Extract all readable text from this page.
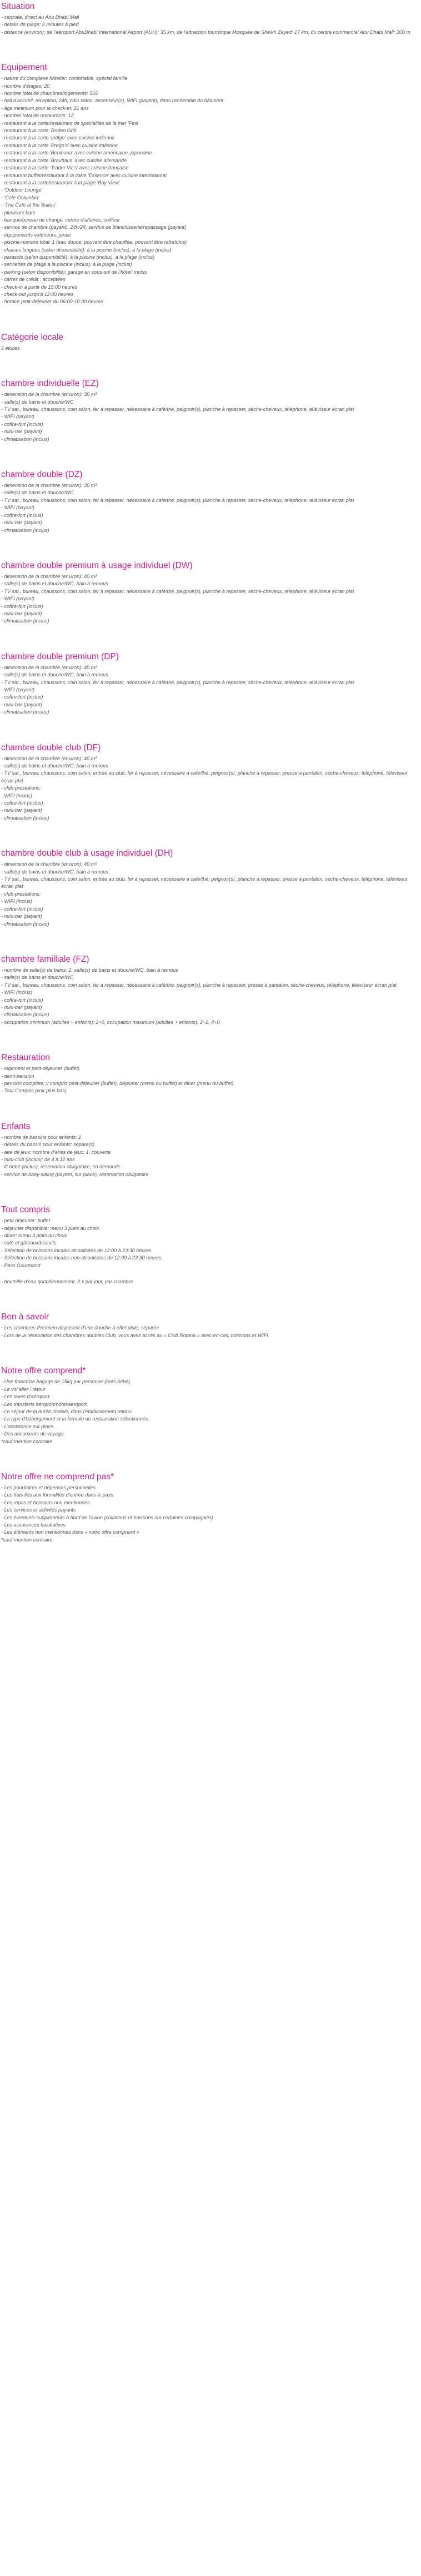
Situation
- centrale, direct au Abu Dhabi Mall
- details de plage: 2 minutes à pied
- distance (environ): de l'aéroport AbuDhabi International Airport (AUH): 35 km, de l'attraction touristique Mosquée de Sheikh Zayed: 17 km, du centre commercial Abu Dhabi Mall: 200 m
Equipement
- nature du complexe hôtelier: confortable, spécial famille
- nombre d'étages: 20
- nombre total de chambres/logements: 565
- hall d'accueil, réception, 24h, coin salon, ascenseur(s), WIFI (payant), dans l'ensemble du bâtiment
- âge minimum pour le check-in: 21 ans
- nombre total de restaurants: 12
- restaurant à la carte/restaurant de spécialités de la mer 'Fins'
- restaurant à la carte 'Rodeo Grill'
- restaurant à la carte 'Indigo' avec cuisine indienne
- restaurant à la carte 'Prego's' avec cuisine italienne
- restaurant à la carte 'Benihana' avec cuisine américaine, japonaise
- restaurant à la carte 'Brauhaus' avec cuisine allemande
- restaurant à la carte 'Trader Vic's' avec cuisine française
- restaurant buffet/restaurant à la carte 'Essence' avec cuisine international
- restaurant à la carte/restaurant à la plage 'Bay View'
- 'Outdoor Lounge'
- 'Café Columbia'
- 'The Café at the Suites'
- plusieurs bars
- banque/bureau de change, centre d'affaires, coiffeur
- service de chambre (payant), 24h/24, service de blanchisserie/repassage (payant)
- équipements extérieurs: jardin
- piscine-nombre total: 1 (eau douce, pouvant être chauffée, pouvant être rafraîchie)
- chaises longues (selon disponibilité): à la piscine (inclus), à la plage (inclus)
- parasols (selon disponibilité): à la piscine (inclus), à la plage (inclus)
- serviettes de plage à la piscine (inclus), à la plage (inclus)
- parking (selon disponibilité): garage en sous-sol de l'hôtel: inclus
- cartes de crédit : acceptées
- check-in à partir de 15:00 heures
- check-out jusqu'à 12:00 heures
- horaire petit-déjeuner du 06:00-10:30 heures
Catégorie locale
5 étoiles
chambre individuelle (EZ)
- dimension de la chambre (environ): 30 m²
- salle(s) de bains et douche/WC
- TV sat., bureau, chaussons, coin salon, fer à repasser, nécessaire à café/thé, peignoir(s), planche à repasser, sèche-cheveux, téléphone, téléviseur écran plat
- WIFI (payant)
- coffre-fort (inclus)
- mini-bar (payant)
- climatisation (inclus)
chambre double (DZ)
- dimension de la chambre (environ): 30 m²
- salle(s) de bains et douche/WC
- TV sat., bureau, chaussons, coin salon, fer à repasser, nécessaire à café/thé, peignoir(s), planche à repasser, sèche-cheveux, téléphone, téléviseur écran plat
- WIFI (payant)
- coffre-fort (inclus)
- mini-bar (payant)
- climatisation (inclus)
chambre double premium à usage individuel (DW)
- dimension de la chambre (environ): 40 m²
- salle(s) de bains et douche/WC, bain à remous
- TV sat., bureau, chaussons, coin salon, fer à repasser, nécessaire à café/thé, peignoir(s), planche à repasser, sèche-cheveux, téléphone, téléviseur écran plat
- WIFI (payant)
- coffre-fort (inclus)
- mini-bar (payant)
- climatisation (inclus)
chambre double premium (DP)
- dimension de la chambre (environ): 40 m²
- salle(s) de bains et douche/WC, bain à remous
- TV sat., bureau, chaussons, coin salon, fer à repasser, nécessaire à café/thé, peignoir(s), planche à repasser, sèche-cheveux, téléphone, téléviseur écran plat
- WIFI (payant)
- coffre-fort (inclus)
- mini-bar (payant)
- climatisation (inclus)
chambre double club (DF)
- dimension de la chambre (environ): 40 m²
- salle(s) de bains et douche/WC, bain à remous
- TV sat., bureau, chaussons, coin salon, entrée au club, fer à repasser, nécessaire à café/thé, peignoir(s), planche à repasser, presse à pantalon, sèche-cheveux, téléphone, téléviseur écran plat
- club-prestations:
- WIFI (inclus)
- coffre-fort (inclus)
- mini-bar (payant)
- climatisation (inclus)
chambre double club à usage individuel (DH)
- dimension de la chambre (environ): 40 m²
- salle(s) de bains et douche/WC, bain à remous
- TV sat., bureau, chaussons, coin salon, entrée au club, fer à repasser, nécessaire à café/thé, peignoir(s), planche à repasser, presse à pantalon, sèche-cheveux, téléphone, téléviseur écran plat
- club-prestations:
- WIFI (inclus)
- coffre-fort (inclus)
- mini-bar (payant)
- climatisation (inclus)
chambre familliale (FZ)
- nombre de salle(s) de bains: 2, salle(s) de bains et douche/WC, bain à remous
- salle(s) de bains et douche/WC
- TV sat., bureau, chaussons, coin salon, fer à repasser, nécessaire à café/thé, peignoir(s), planche à repasser, presse à pantalon, sèche-cheveux, téléphone, téléviseur écran plat
- WIFI (inclus)
- coffre-fort (inclus)
- mini-bar (payant)
- climatisation (inclus)
- occupation minimum (adultes + enfants): 2+0, occupation maximum (adultes + enfants): 2+2, 4+0
Restauration
- logement et petit-déjeuner (buffet)
- demi-pension
- pension complète, y compris petit-déjeuner (buffet), déjeuner (menu ou buffet) et dîner (menu ou buffet)
- Tout Compris (voir plus bas)
Enfants
- nombre de bassins pour enfants: 1
- détails du bassin pour enfants: séparé(s)
- aire de jeux: nombre d'aires de jeux: 1, couverte
- mini-club (inclus): de 4 à 12 ans
- lit bébé (inclus), réservation obligatoire, en demande
- service de baby-sitting (payant, sur place), réservation obligatoire
Tout compris
- petit-déjeuner: buffet
- déjeuner disponible: menu 3 plats au choix
- dîner: menu 3 plats au choix
- café et gâteaux/biscuits
- Sélection de boissons locales alcoolisées de 12:00 à 23:30 heures
- Sélection de boissons locales non-alcoolisées de 12:00 à 23:30 heures
- Pass Gourmand
- bouteille d'eau quotidiennement, 2 x par jour, par chambre
Bon à savoir
- Les chambres Premium disposent d'une douche à effet pluie, séparée
- Lors de la réservation des chambres doubles Club, vous avez accès au « Club Rotana » avec en-cas, boissons et WIFI
Notre offre comprend*
- Une franchise bagage de 15kg par personne (hors bébé)
- Le vol aller / retour
- Les taxes d'aéroport.
- Les transferts aéroport/hôtel/aéroport.
- Le séjour de la durée choisie, dans l'établissement retenu.
- La type d'hébergement et la formule de restauration sélectionnés.
- L'assistance sur place.
- Des documents de voyage.
*sauf mention contraire
Notre offre ne comprend pas*
- Les pourboires et dépenses personnelles
- Les frais liés aux formalités d'entrée dans le pays
- Les repas et boissons non mentionnés
- Les services et activités payants
- Les éventuels suppléments à bord de l'avion (collations et boissons sur certaines compagnies)
- Les assurances facultatives
- Les éléments non mentionnés dans « notre offre comprend »
*sauf mention contraire
